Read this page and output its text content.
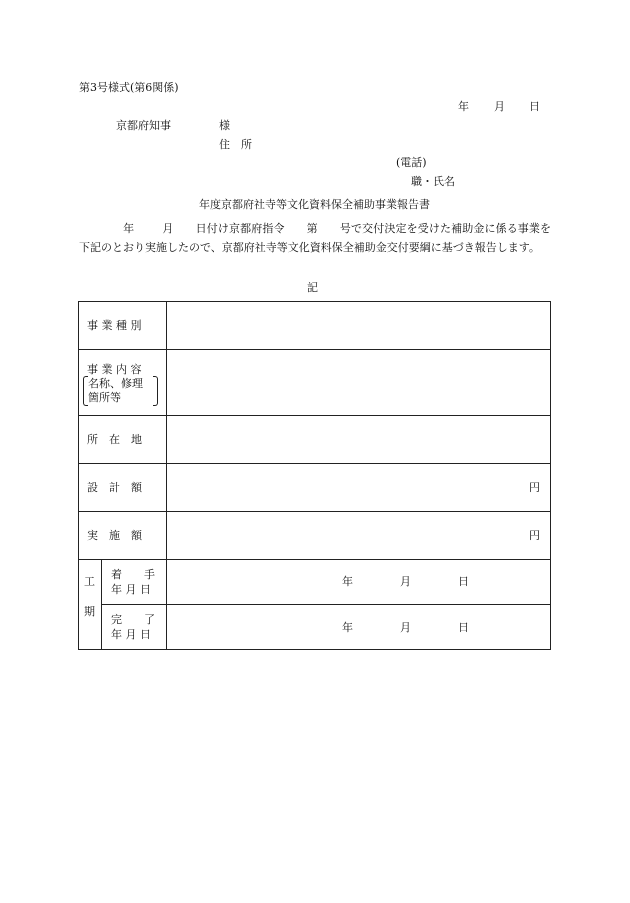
第3号様式(第6関係)
年 月 日
京都府知事	様
住　所
(電話)
職・氏名
年度京都府社寺等文化資料保全補助事業報告書
年	月 日付け京都府指令 第 号で交付決定を受けた補助金に係る事業を下記のとおり実施したので、京都府社寺等文化資料保全補助金交付要綱に基づき報告します。
記
事 業 種 別
事 業 内 容
名称、修理
箇所等
所　在　地
設　計　額	円
実　施　額	円
工
期
着　　手
年 月 日
年	月	日
完　　了
年 月 日
年	月	日
